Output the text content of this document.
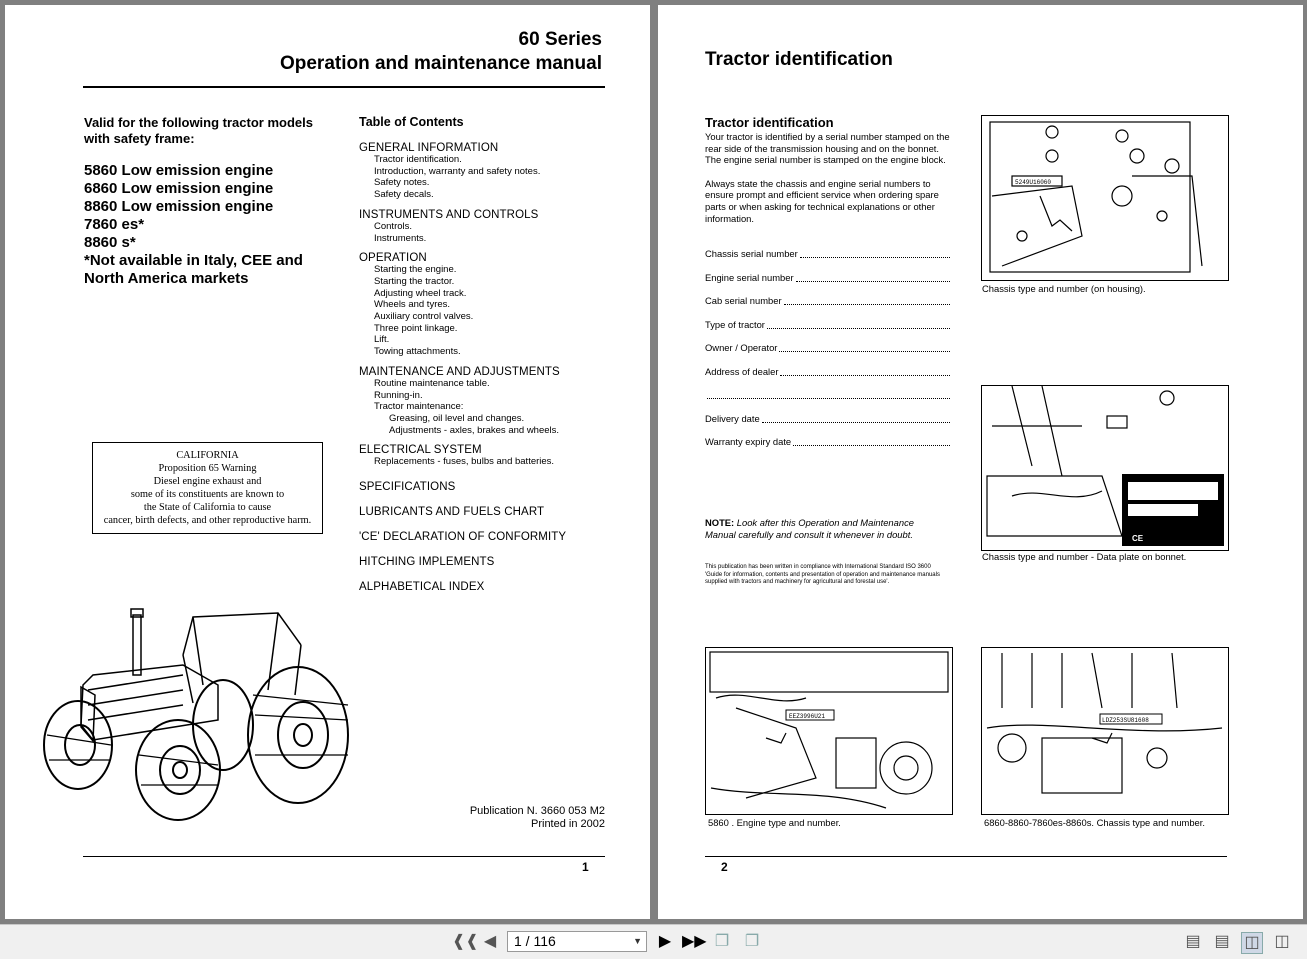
60 Series
Operation and maintenance manual
Valid for the following tractor models with safety frame:
5860 Low emission engine
6860 Low emission engine
8860 Low emission engine
7860 es*
8860 s*
*Not available in Italy, CEE and North America markets
Table of Contents
GENERAL INFORMATION
Tractor identification.
Introduction, warranty and safety notes.
Safety notes.
Safety decals.
INSTRUMENTS AND CONTROLS
Controls.
Instruments.
OPERATION
Starting the engine.
Starting the tractor.
Adjusting wheel track.
Wheels and tyres.
Auxiliary control valves.
Three point linkage.
Lift.
Towing attachments.
MAINTENANCE AND ADJUSTMENTS
Routine maintenance table.
Running-in.
Tractor maintenance:
Greasing, oil level and changes.
Adjustments - axles, brakes and wheels.
ELECTRICAL SYSTEM
Replacements - fuses, bulbs and batteries.
SPECIFICATIONS
LUBRICANTS AND FUELS CHART
'CE' DECLARATION OF CONFORMITY
HITCHING IMPLEMENTS
ALPHABETICAL INDEX
CALIFORNIA
Proposition 65 Warning
Diesel engine exhaust and
some of its constituents are known to
the State of California to cause
cancer, birth defects, and other reproductive harm.
Publication N. 3660 053 M2
Printed in 2002
1
Tractor identification
Tractor identification
Your tractor is identified by a serial number stamped on the rear side of the transmission housing and on the bonnet. The engine serial number is stamped on the engine block.
Always state the chassis and engine serial numbers to ensure prompt and efficient service when ordering spare parts or when asking for technical explanations or other information.
Chassis serial number
Engine serial number
Cab serial number
Type of tractor
Owner / Operator
Address of dealer
Delivery date
Warranty expiry date
NOTE: Look after this Operation and Maintenance Manual carefully and consult it whenever in doubt.
This publication has been written in compliance with International Standard ISO 3600 'Guide for information, contents and presentation of operation and maintenance manuals supplied with tractors and machinery for agricultural and forestal use'.
5249U16060
Chassis type and number (on housing).
CE
Chassis type and number - Data plate on bonnet.
EEZ3996U21
5860 . Engine type and number.
LDZ253SU81608
6860-8860-7860es-8860s. Chassis type and number.
2
❰❰ ◀	1 / 116	▼ ▶ ▶▶ ❐ ❐	▤ ▤ ◫ ◫
